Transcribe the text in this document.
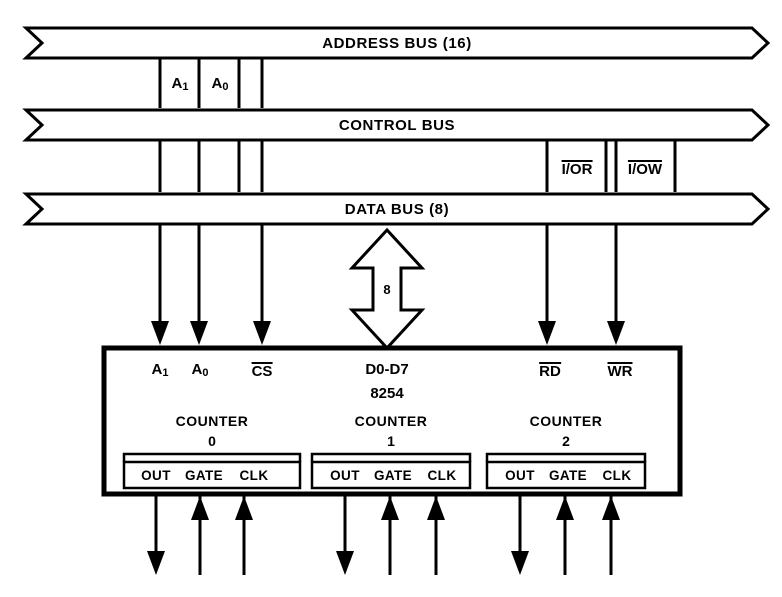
ADDRESS BUS (16)
CONTROL BUS
DATA BUS (8)
A1 A0
I/OR I/OW
8
A1 A0	CS	D0-D7	RD	WR
8254
COUNTER
0
COUNTER
1
COUNTER
2
OUT GATE CLK	OUT GATE CLK	OUT GATE CLK
